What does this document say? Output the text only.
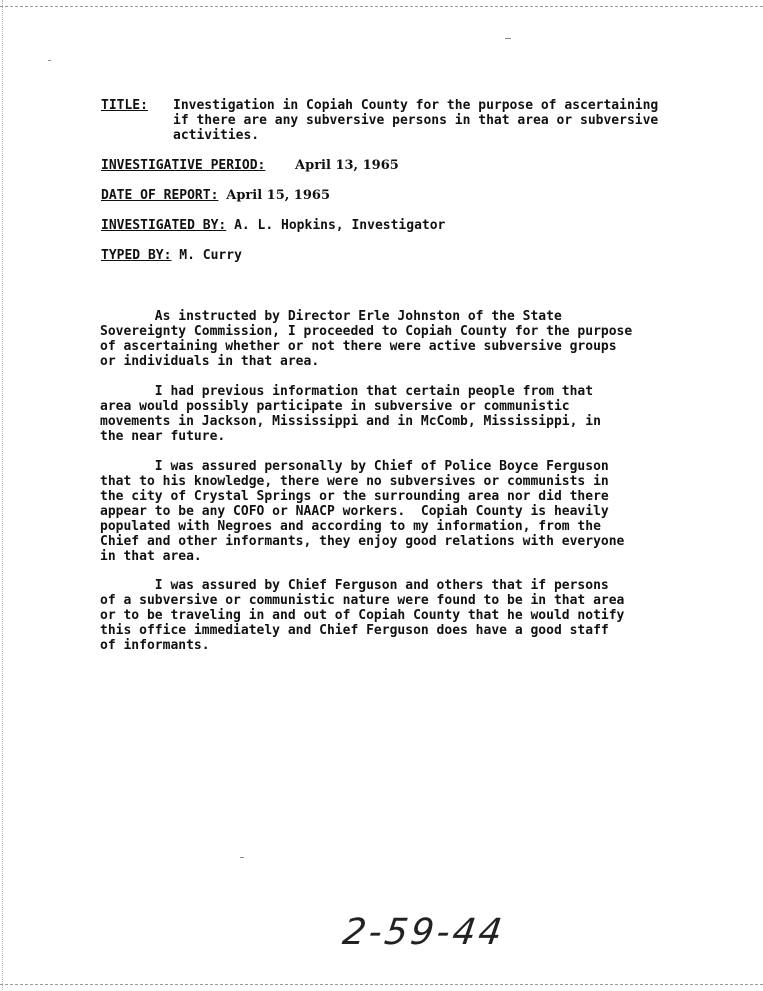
TITLE: Investigation in Copiah County for the purpose of ascertaining
if there are any subversive persons in that area or subversive
activities.
INVESTIGATIVE PERIOD: April 13, 1965
DATE OF REPORT: April 15, 1965
INVESTIGATED BY: A. L. Hopkins, Investigator
TYPED BY: M. Curry
As instructed by Director Erle Johnston of the State
Sovereignty Commission, I proceeded to Copiah County for the purpose
of ascertaining whether or not there were active subversive groups
or individuals in that area.
I had previous information that certain people from that
area would possibly participate in subversive or communistic
movements in Jackson, Mississippi and in McComb, Mississippi, in
the near future.
I was assured personally by Chief of Police Boyce Ferguson
that to his knowledge, there were no subversives or communists in
the city of Crystal Springs or the surrounding area nor did there
appear to be any COFO or NAACP workers.  Copiah County is heavily
populated with Negroes and according to my information, from the
Chief and other informants, they enjoy good relations with everyone
in that area.
I was assured by Chief Ferguson and others that if persons
of a subversive or communistic nature were found to be in that area
or to be traveling in and out of Copiah County that he would notify
this office immediately and Chief Ferguson does have a good staff
of informants.
2-59-44
